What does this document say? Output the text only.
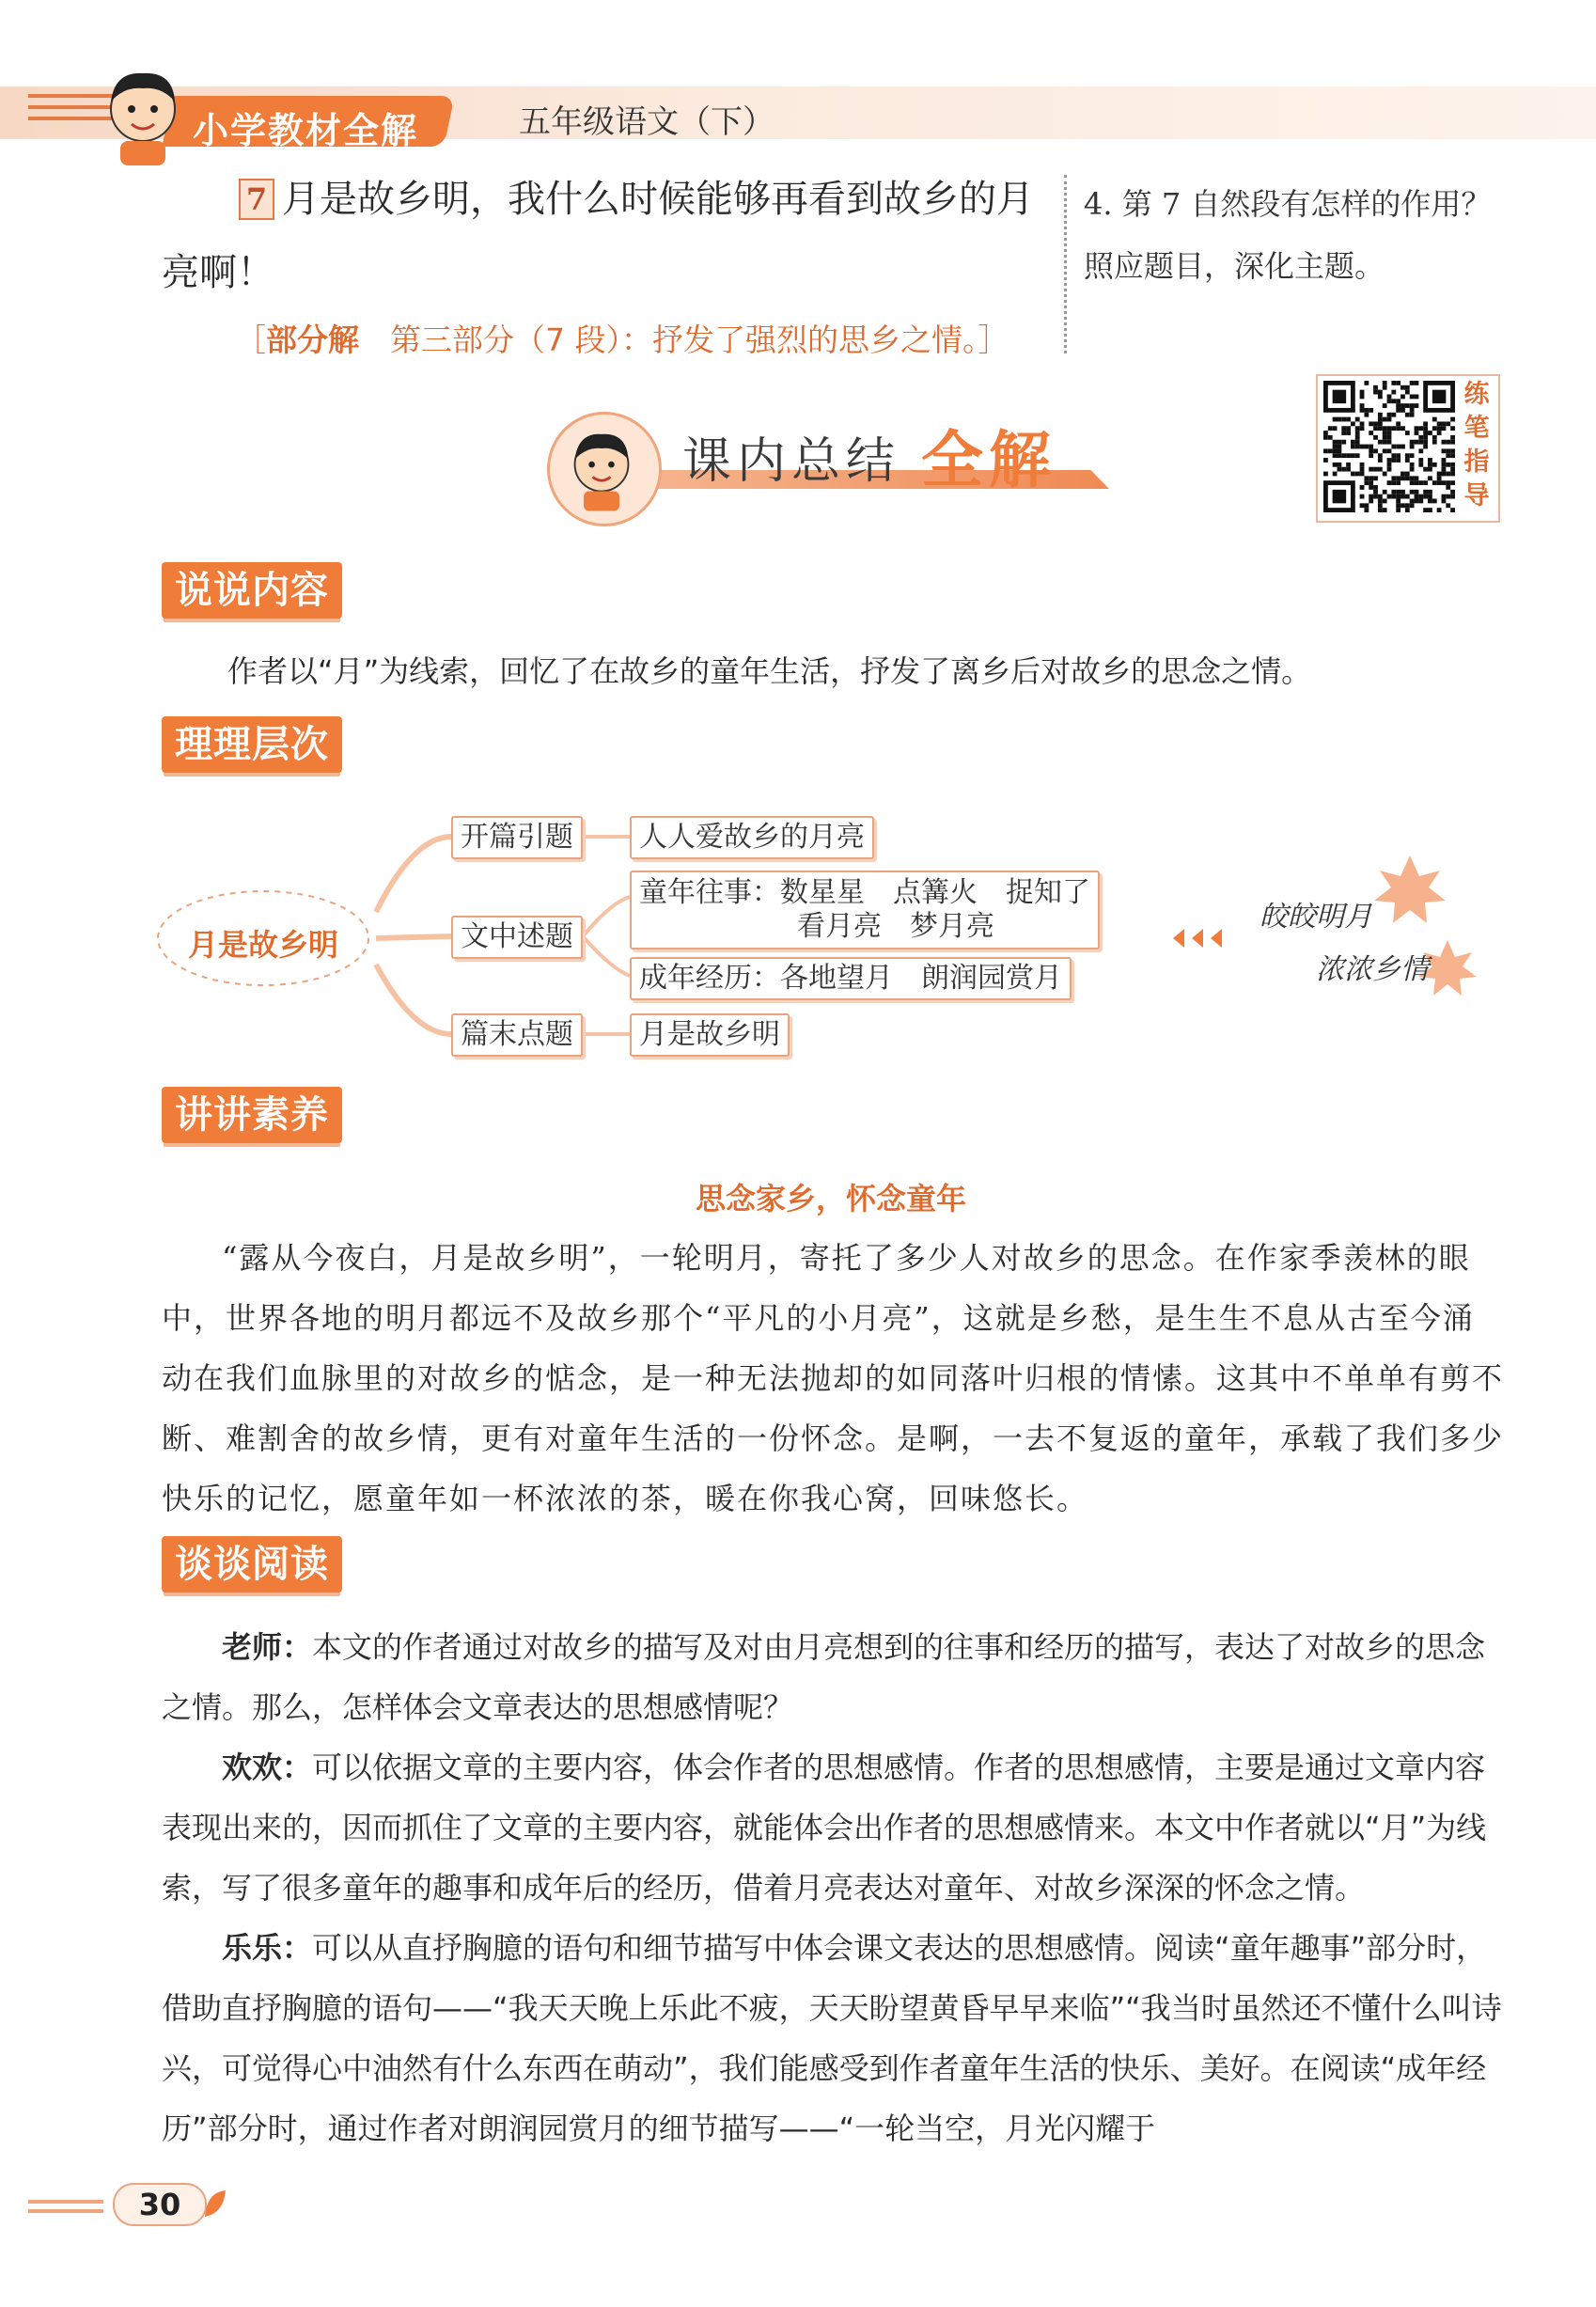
小学教材全解	五年级语文（下）
7 月是故乡明，我什么时候能够再看到故乡的月
亮啊！
［部分解　 第三部分（7 段）：抒发了强烈的思乡之情。］
4. 第 7 自然段有怎样的作用？
照应题目，深化主题。
课内总结 全解
练
笔
指
导
说说内容
作者以“月”为线索，回忆了在故乡的童年生活，抒发了离乡后对故乡的思念之情。
理理层次
月是故乡明
开篇引题
文中述题
篇末点题
人人爱故乡的月亮
童年往事：数星星　点篝火　捉知了
看月亮　梦月亮
成年经历：各地望月　朗润园赏月
月是故乡明
皎皎明月
浓浓乡情
讲讲素养
思念家乡，怀念童年
“露从今夜白，月是故乡明”，一轮明月，寄托了多少人对故乡的思念。在作家季羡林的眼中，世界各地的明月都远不及故乡那个“平凡的小月亮”，这就是乡愁，是生生不息从古至今涌动在我们血脉里的对故乡的惦念，是一种无法抛却的如同落叶归根的情愫。这其中不单单有剪不断、难割舍的故乡情，更有对童年生活的一份怀念。是啊，一去不复返的童年，承载了我们多少快乐的记忆，愿童年如一杯浓浓的茶，暖在你我心窝，回味悠长。
谈谈阅读

老师：本文的作者通过对故乡的描写及对由月亮想到的往事和经历的描写，表达了对故乡的思念之情。那么，怎样体会文章表达的思想感情呢？

欢欢：可以依据文章的主要内容，体会作者的思想感情。作者的思想感情，主要是通过文章内容表现出来的，因而抓住了文章的主要内容，就能体会出作者的思想感情来。本文中作者就以“月”为线索，写了很多童年的趣事和成年后的经历，借着月亮表达对童年、对故乡深深的怀念之情。

乐乐：可以从直抒胸臆的语句和细节描写中体会课文表达的思想感情。阅读“童年趣事”部分时，借助直抒胸臆的语句——“我天天晚上乐此不疲，天天盼望黄昏早早来临”“我当时虽然还不懂什么叫诗兴，可觉得心中油然有什么东西在萌动”，我们能感受到作者童年生活的快乐、美好。在阅读“成年经历”部分时，通过作者对朗润园赏月的细节描写——“一轮当空，月光闪耀于

30
